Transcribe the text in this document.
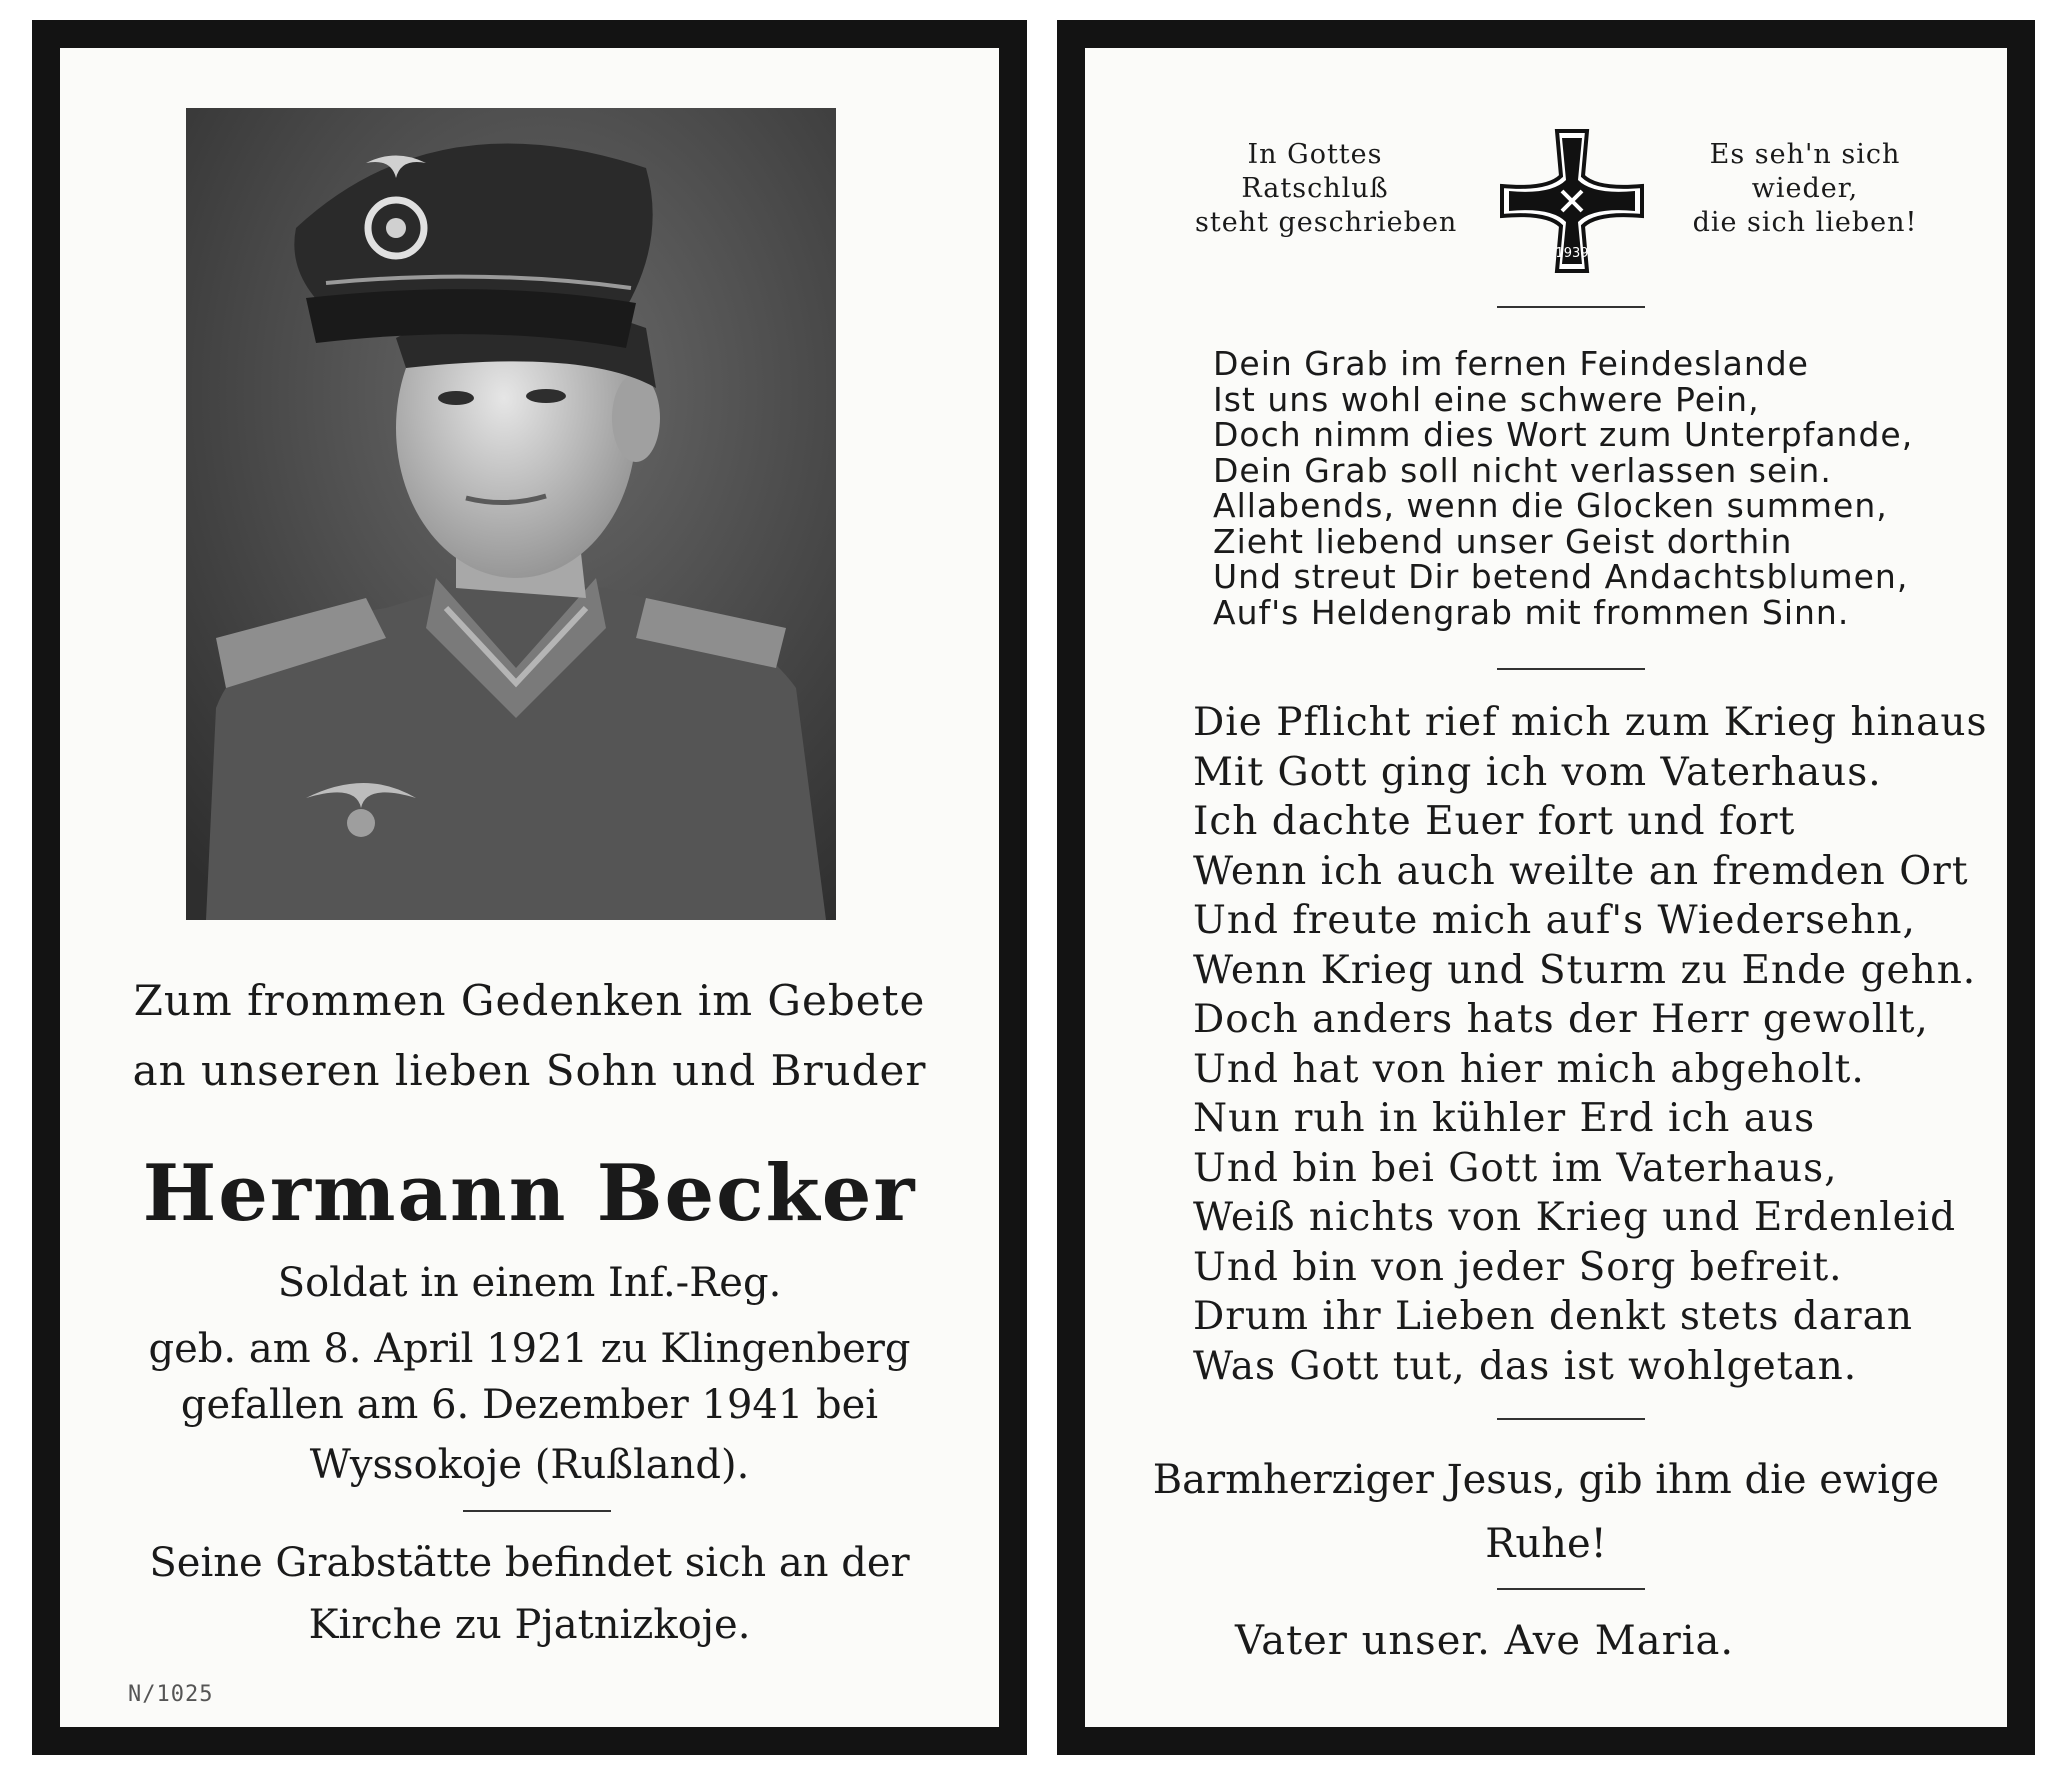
Zum frommen Gedenken im Gebete
an unseren lieben Sohn und Bruder
Hermann Becker
Soldat in einem Inf.-Reg.
geb. am 8. April 1921 zu Klingenberg
gefallen am 6. Dezember 1941 bei
Wyssokoje (Rußland).
Seine Grabstätte befindet sich an der
Kirche zu Pjatnizkoje.
N/1025
In Gottes
Ratschluß
steht geschrieben
1939
Es seh'n sich
wieder,
die sich lieben!
Dein Grab im fernen Feindeslande
Ist uns wohl eine schwere Pein,
Doch nimm dies Wort zum Unterpfande,
Dein Grab soll nicht verlassen sein.
Allabends, wenn die Glocken summen,
Zieht liebend unser Geist dorthin
Und streut Dir betend Andachtsblumen,
Auf's Heldengrab mit frommen Sinn.
Die Pflicht rief mich zum Krieg hinaus
Mit Gott ging ich vom Vaterhaus.
Ich dachte Euer fort und fort
Wenn ich auch weilte an fremden Ort
Und freute mich auf's Wiedersehn,
Wenn Krieg und Sturm zu Ende gehn.
Doch anders hats der Herr gewollt,
Und hat von hier mich abgeholt.
Nun ruh in kühler Erd ich aus
Und bin bei Gott im Vaterhaus,
Weiß nichts von Krieg und Erdenleid
Und bin von jeder Sorg befreit.
Drum ihr Lieben denkt stets daran
Was Gott tut, das ist wohlgetan.
Barmherziger Jesus, gib ihm die ewige
Ruhe!
Vater unser. Ave Maria.
